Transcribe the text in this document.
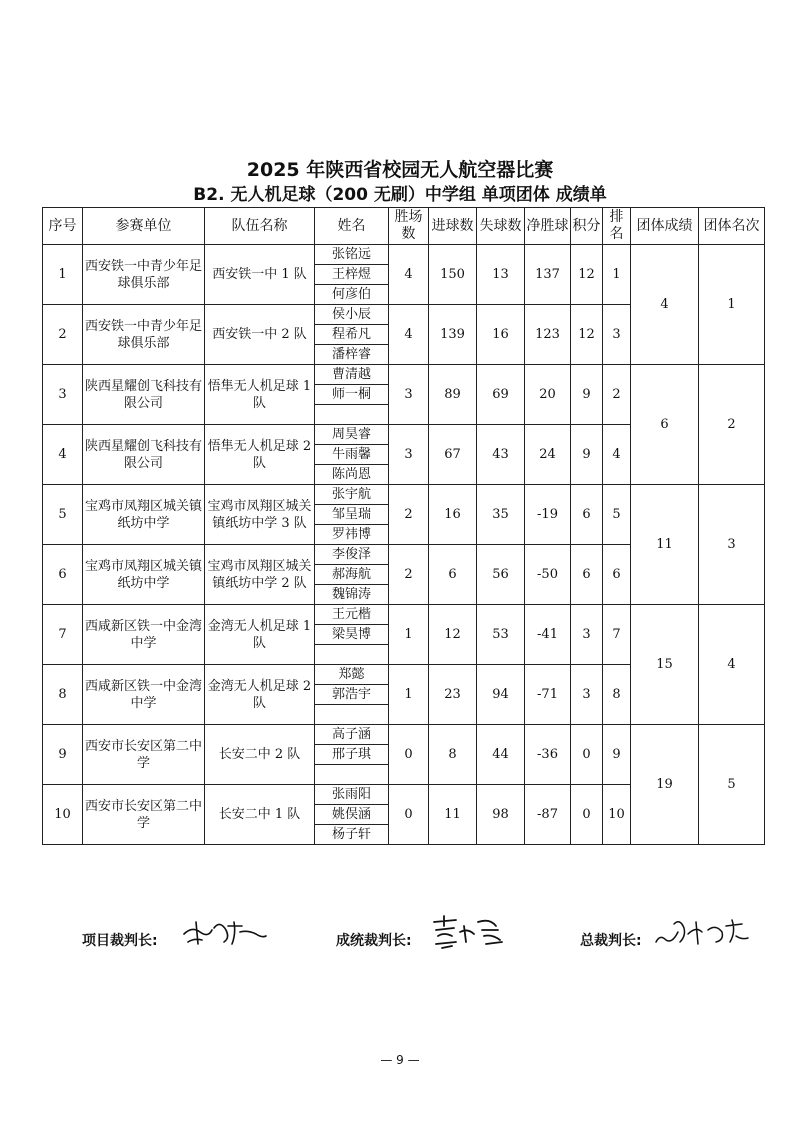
2025 年陕西省校园无人航空器比赛
B2. 无人机足球（200 无刷）中学组 单项团体 成绩单
序号	参赛单位	队伍名称	姓名	胜场数	进球数	失球数	净胜球	积分	排名	团体成绩	团体名次
1	西安铁一中青少年足球俱乐部	西安铁一中 1 队	张铭远	4	150	13	137	12	1	4	1
			王梓煜								
			何彦伯								
2	西安铁一中青少年足球俱乐部	西安铁一中 2 队	侯小辰	4	139	16	123	12	3		
			程希凡								
			潘梓睿								
3	陕西星耀创飞科技有限公司	悟隼无人机足球 1 队	曹清越	3	89	69	20	9	2	6	2
			师一桐								

4	陕西星耀创飞科技有限公司	悟隼无人机足球 2 队	周昊睿	3	67	43	24	9	4		
			牛雨馨								
			陈尚恩								
5	宝鸡市凤翔区城关镇纸坊中学	宝鸡市凤翔区城关镇纸坊中学 3 队	张宇航	2	16	35	-19	6	5	11	3
			邹呈瑞								
			罗祎博								
6	宝鸡市凤翔区城关镇纸坊中学	宝鸡市凤翔区城关镇纸坊中学 2 队	李俊泽	2	6	56	-50	6	6		
			郝海航								
			魏锦涛								
7	西咸新区铁一中金湾中学	金湾无人机足球 1 队	王元楷	1	12	53	-41	3	7	15	4
			梁昊博								

8	西咸新区铁一中金湾中学	金湾无人机足球 2 队	郑懿	1	23	94	-71	3	8		
			郭浩宇								

9	西安市长安区第二中学	长安二中 2 队	高子涵	0	8	44	-36	0	9	19	5
			邢子琪								

10	西安市长安区第二中学	长安二中 1 队	张雨阳	0	11	98	-87	0	10		
			姚俣涵								
			杨子轩								
项目裁判长:	成统裁判长:	总裁判长:
— 9 —
